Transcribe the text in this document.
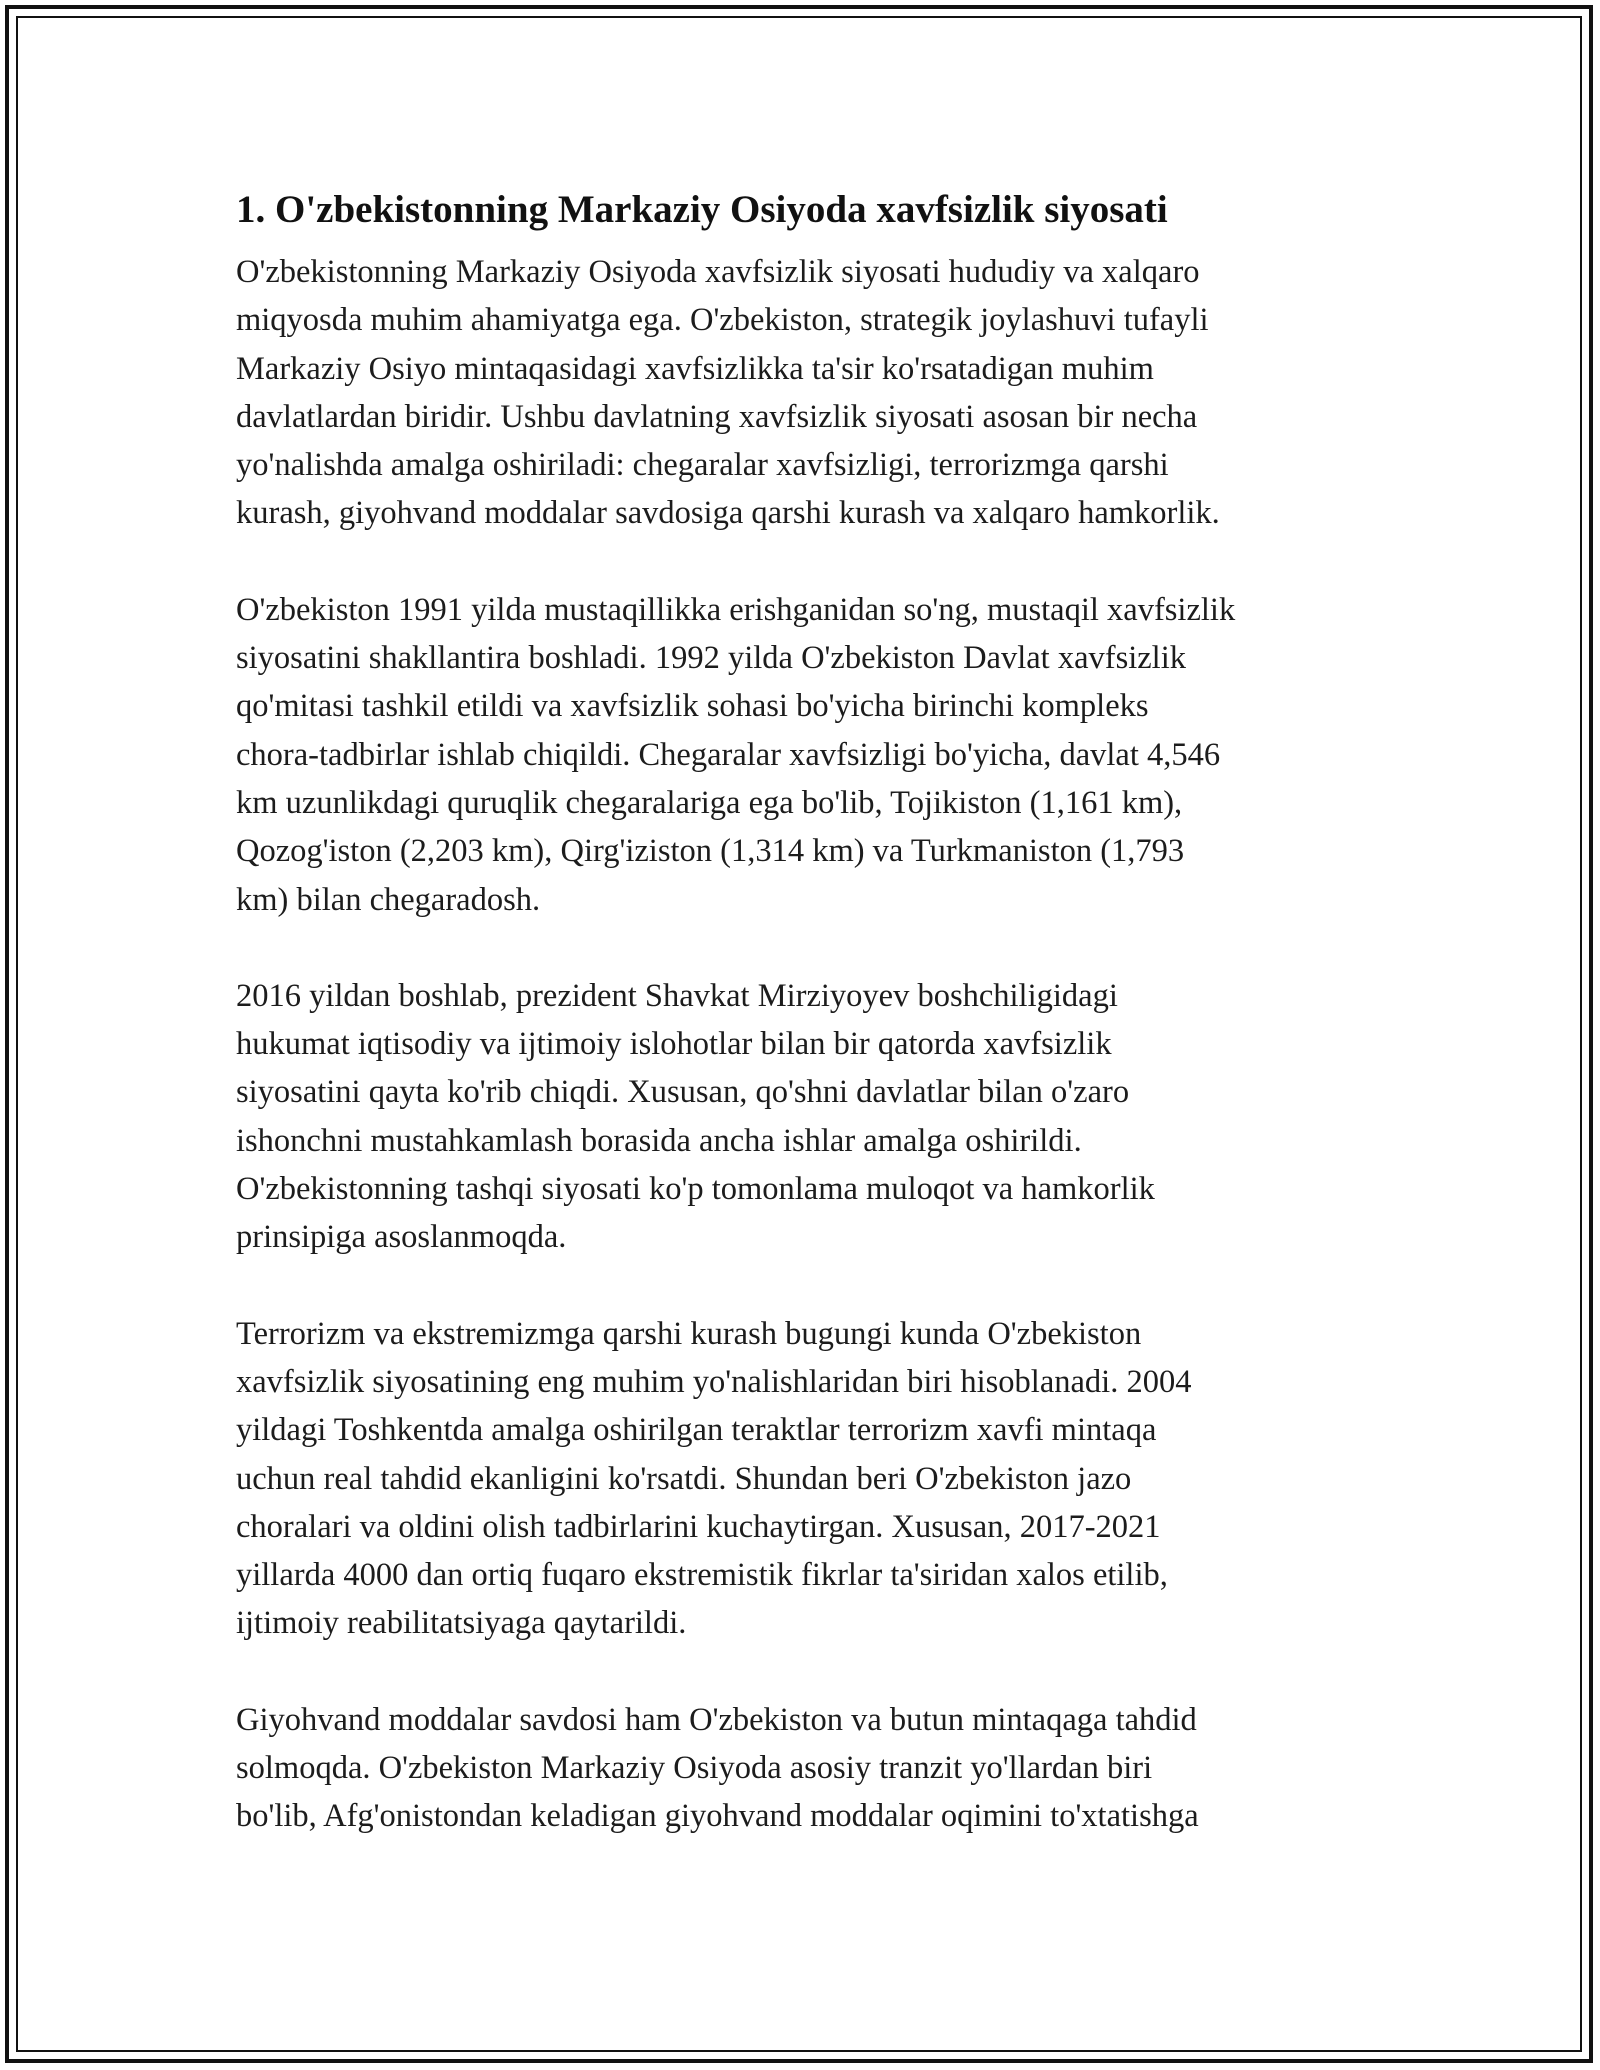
1. O'zbekistonning Markaziy Osiyoda xavfsizlik siyosati

O'zbekistonning Markaziy Osiyoda xavfsizlik siyosati hududiy va xalqaro
miqyosda muhim ahamiyatga ega. O'zbekiston, strategik joylashuvi tufayli
Markaziy Osiyo mintaqasidagi xavfsizlikka ta'sir ko'rsatadigan muhim
davlatlardan biridir. Ushbu davlatning xavfsizlik siyosati asosan bir necha
yo'nalishda amalga oshiriladi: chegaralar xavfsizligi, terrorizmga qarshi
kurash, giyohvand moddalar savdosiga qarshi kurash va xalqaro hamkorlik.

O'zbekiston 1991 yilda mustaqillikka erishganidan so'ng, mustaqil xavfsizlik
siyosatini shakllantira boshladi. 1992 yilda O'zbekiston Davlat xavfsizlik
qo'mitasi tashkil etildi va xavfsizlik sohasi bo'yicha birinchi kompleks
chora-tadbirlar ishlab chiqildi. Chegaralar xavfsizligi bo'yicha, davlat 4,546
km uzunlikdagi quruqlik chegaralariga ega bo'lib, Tojikiston (1,161 km),
Qozog'iston (2,203 km), Qirg'iziston (1,314 km) va Turkmaniston (1,793
km) bilan chegaradosh.

2016 yildan boshlab, prezident Shavkat Mirziyoyev boshchiligidagi
hukumat iqtisodiy va ijtimoiy islohotlar bilan bir qatorda xavfsizlik
siyosatini qayta ko'rib chiqdi. Xususan, qo'shni davlatlar bilan o'zaro
ishonchni mustahkamlash borasida ancha ishlar amalga oshirildi.
O'zbekistonning tashqi siyosati ko'p tomonlama muloqot va hamkorlik
prinsipiga asoslanmoqda.

Terrorizm va ekstremizmga qarshi kurash bugungi kunda O'zbekiston
xavfsizlik siyosatining eng muhim yo'nalishlaridan biri hisoblanadi. 2004
yildagi Toshkentda amalga oshirilgan teraktlar terrorizm xavfi mintaqa
uchun real tahdid ekanligini ko'rsatdi. Shundan beri O'zbekiston jazo
choralari va oldini olish tadbirlarini kuchaytirgan. Xususan, 2017-2021
yillarda 4000 dan ortiq fuqaro ekstremistik fikrlar ta'siridan xalos etilib,
ijtimoiy reabilitatsiyaga qaytarildi.

Giyohvand moddalar savdosi ham O'zbekiston va butun mintaqaga tahdid
solmoqda. O'zbekiston Markaziy Osiyoda asosiy tranzit yo'llardan biri
bo'lib, Afg'onistondan keladigan giyohvand moddalar oqimini to'xtatishga
